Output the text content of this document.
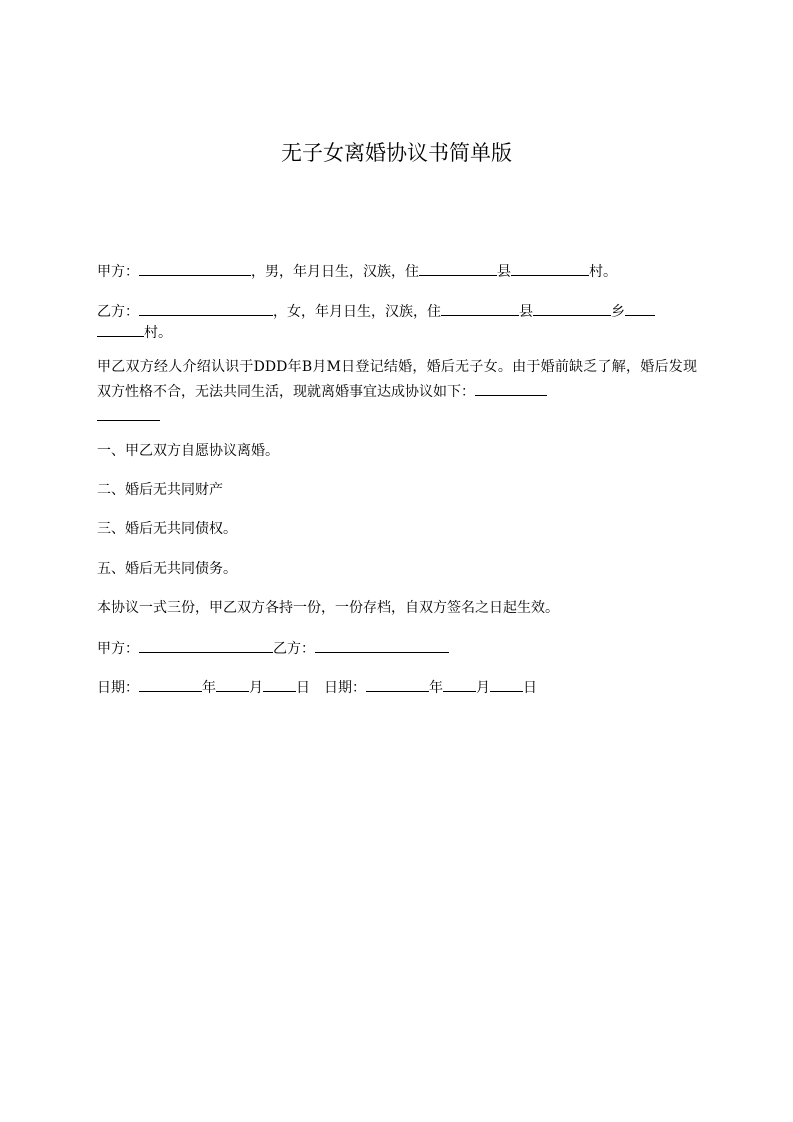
无子女离婚协议书简单版
甲方：	，男，年月日生，汉族，住	县	村。
乙方：	，女，年月日生，汉族，住	县	乡
村。
甲乙双方经人介绍认识于DDD年B月M日登记结婚，婚后无子女。由于婚前缺乏了解，婚后发现双方性格不合，无法共同生活，现就离婚事宜达成协议如下：

一、甲乙双方自愿协议离婚。
二、婚后无共同财产
三、婚后无共同债权。
五、婚后无共同债务。
本协议一式三份，甲乙双方各持一份，一份存档，自双方签名之日起生效。
甲方：	乙方：
日期：	年 月 日 日期：	年 月 日
